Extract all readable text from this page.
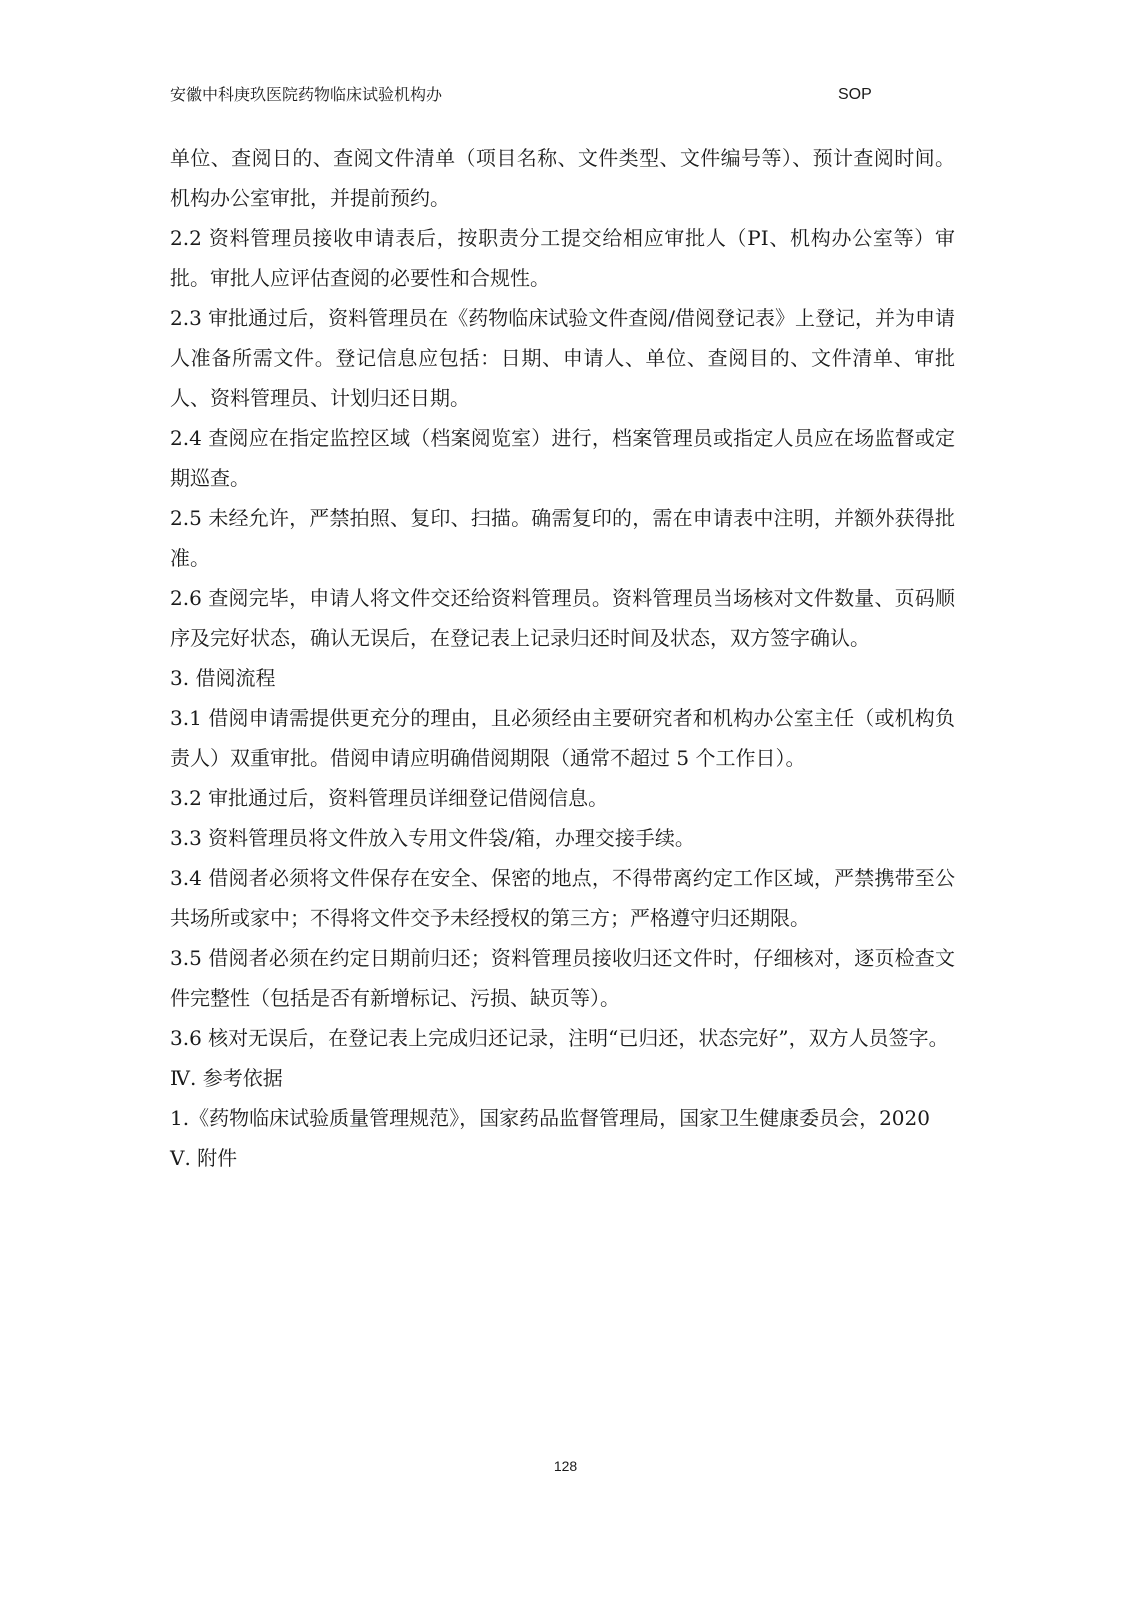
安徽中科庚玖医院药物临床试验机构办	SOP

单位、查阅日的、查阅文件清单（项目名称、文件类型、文件编号等）、预计查阅时间。机构办公室审批，并提前预约。

2.2 资料管理员接收申请表后，按职责分工提交给相应审批人（PI、机构办公室等）审批。审批人应评估查阅的必要性和合规性。

2.3 审批通过后，资料管理员在《药物临床试验文件查阅/借阅登记表》上登记，并为申请人准备所需文件。登记信息应包括：日期、申请人、单位、查阅目的、文件清单、审批人、资料管理员、计划归还日期。

2.4 查阅应在指定监控区域（档案阅览室）进行，档案管理员或指定人员应在场监督或定期巡查。

2.5 未经允许，严禁拍照、复印、扫描。确需复印的，需在申请表中注明，并额外获得批准。

2.6 查阅完毕，申请人将文件交还给资料管理员。资料管理员当场核对文件数量、页码顺序及完好状态，确认无误后，在登记表上记录归还时间及状态，双方签字确认。

3. 借阅流程

3.1 借阅申请需提供更充分的理由，且必须经由主要研究者和机构办公室主任（或机构负责人）双重审批。借阅申请应明确借阅期限（通常不超过 5 个工作日）。

3.2 审批通过后，资料管理员详细登记借阅信息。

3.3 资料管理员将文件放入专用文件袋/箱，办理交接手续。

3.4 借阅者必须将文件保存在安全、保密的地点，不得带离约定工作区域，严禁携带至公共场所或家中；不得将文件交予未经授权的第三方；严格遵守归还期限。

3.5 借阅者必须在约定日期前归还；资料管理员接收归还文件时，仔细核对，逐页检查文件完整性（包括是否有新增标记、污损、缺页等）。

3.6 核对无误后，在登记表上完成归还记录，注明“已归还，状态完好”，双方人员签字。

Ⅳ. 参考依据

1.《药物临床试验质量管理规范》，国家药品监督管理局，国家卫生健康委员会，2020

Ⅴ. 附件

128
